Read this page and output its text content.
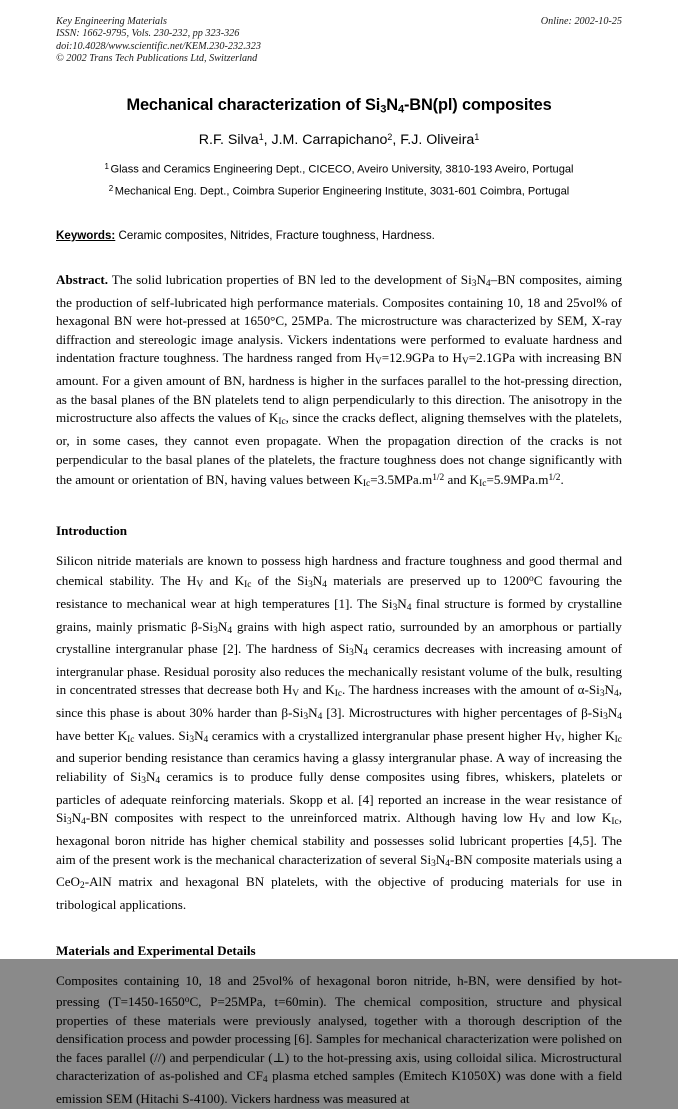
Key Engineering Materials
ISSN: 1662-9795, Vols. 230-232, pp 323-326
doi:10.4028/www.scientific.net/KEM.230-232.323
© 2002 Trans Tech Publications Ltd, Switzerland
Online: 2002-10-25
Mechanical characterization of $Si_3N_4-BN(pl)$ composites
R.F. Silva$^1$, J.M. Carrapichano$^2$, F.J. Oliveira$^1$
$^1$ Glass and Ceramics Engineering Dept., CICECO, Aveiro University, 3810-193 Aveiro, Portugal
$^2$ Mechanical Eng. Dept., Coimbra Superior Engineering Institute, 3031-601 Coimbra, Portugal
Keywords: Ceramic composites, Nitrides, Fracture toughness, Hardness.

Abstract. The solid lubrication properties of BN led to the development of $Si_3N_4-BN$ composites, aiming the production of self-lubricated high performance materials. Composites containing 10, 18 and 25vol% of hexagonal BN were hot-pressed at 1650°C, 25MPa. The microstructure was characterized by SEM, X-ray diffraction and stereologic image analysis. Vickers indentations were performed to evaluate hardness and indentation fracture toughness. The hardness ranged from $H_V=12.9GPa$ to $H_V=2.1GPa$ with increasing BN amount. For a given amount of BN, hardness is higher in the surfaces parallel to the hot-pressing direction, as the basal planes of the BN platelets tend to align perpendicularly to this direction. The anisotropy in the microstructure also affects the values of $K_{Ic}$, since the cracks deflect, aligning themselves with the platelets, or, in some cases, they cannot even propagate. When the propagation direction of the cracks is not perpendicular to the basal planes of the platelets, the fracture toughness does not change significantly with the amount or orientation of BN, having values between $K_{Ic}=3.5MPa.m^{1/2}$ and $K_{Ic}=5.9MPa.m^{1/2}$.

Introduction

Silicon nitride materials are known to possess high hardness and fracture toughness and good thermal and chemical stability. The $H_V$ and $K_{Ic}$ of the $Si_3N_4$ materials are preserved up to 1200$^o$C favouring the resistance to mechanical wear at high temperatures [1]. The $Si_3N_4$ final structure is formed by crystalline grains, mainly prismatic $\beta-Si_3N_4$ grains with high aspect ratio, surrounded by an amorphous or partially crystalline intergranular phase [2]. The hardness of $Si_3N_4$ ceramics decreases with increasing amount of intergranular phase. Residual porosity also reduces the mechanically resistant volume of the bulk, resulting in concentrated stresses that decrease both $H_V$ and $K_{Ic}$. The hardness increases with the amount of $\alpha-Si_3N_4$, since this phase is about 30% harder than $\beta-Si_3N_4$ [3]. Microstructures with higher percentages of $\beta-Si_3N_4$ have better $K_{Ic}$ values. $Si_3N_4$ ceramics with a crystallized intergranular phase present higher $H_V$, higher $K_{Ic}$ and superior bending resistance than ceramics having a glassy intergranular phase. A way of increasing the reliability of $Si_3N_4$ ceramics is to produce fully dense composites using fibres, whiskers, platelets or particles of adequate reinforcing materials. Skopp et al. [4] reported an increase in the wear resistance of $Si_3N_4-BN$ composites with respect to the unreinforced matrix. Although having low $H_V$ and low $K_{Ic}$, hexagonal boron nitride has higher chemical stability and possesses solid lubricant properties [4,5]. The aim of the present work is the mechanical characterization of several $Si_3N_4-BN$ composite materials using a CeO$_2$-AlN matrix and hexagonal BN platelets, with the objective of producing materials for use in tribological applications.

Materials and Experimental Details

Composites containing 10, 18 and 25vol% of hexagonal boron nitride, h-BN, were densified by hot-pressing ($T=1450-1650^oC$, P=25MPa, t=60min). The chemical composition, structure and physical properties of these materials were previously analysed, together with a thorough description of the densification process and powder processing [6]. Samples for mechanical characterization were polished on the faces parallel (//) and perpendicular (⊥) to the hot-pressing axis, using colloidal silica. Microstructural characterization of as-polished and $CF_4$ plasma etched samples (Emitech K1050X) was done with a field emission SEM (Hitachi S-4100). Vickers hardness was measured at
